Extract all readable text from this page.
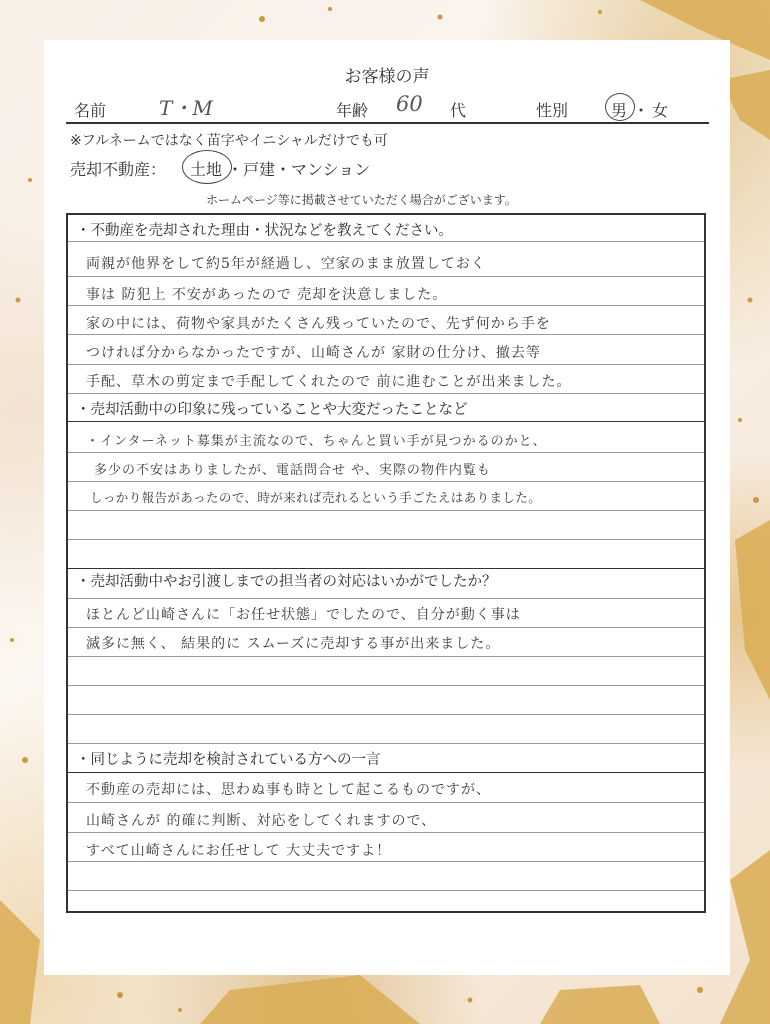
お客様の声
名前	T・M	年齢 60 代	性別	男 ・ 女
※フルネームではなく苗字やイニシャルだけでも可
売却不動産： 土地 ・戸建・マンション
ホームページ等に掲載させていただく場合がございます。
・不動産を売却された理由・状況などを教えてください。
両親が他界をして約5年が経過し、空家のまま放置しておく
事は 防犯上 不安があったので 売却を決意しました。
家の中には、荷物や家具がたくさん残っていたので、先ず何から手を
つければ分からなかったですが、山崎さんが 家財の仕分け、撤去等
手配、草木の剪定まで手配してくれたので 前に進むことが出来ました。
・売却活動中の印象に残っていることや大変だったことなど
・インターネット募集が主流なので、ちゃんと買い手が見つかるのかと、
多少の不安はありましたが、電話問合せ や、実際の物件内覧も
しっかり報告があったので、時が来れば売れるという手ごたえはありました。
・売却活動中やお引渡しまでの担当者の対応はいかがでしたか？
ほとんど山崎さんに「お任せ状態」でしたので、自分が動く事は
滅多に無く、 結果的に スムーズに売却する事が出来ました。
・同じように売却を検討されている方への一言
不動産の売却には、思わぬ事も時として起こるものですが、
山崎さんが 的確に判断、対応をしてくれますので、
すべて山崎さんにお任せして 大丈夫ですよ！
